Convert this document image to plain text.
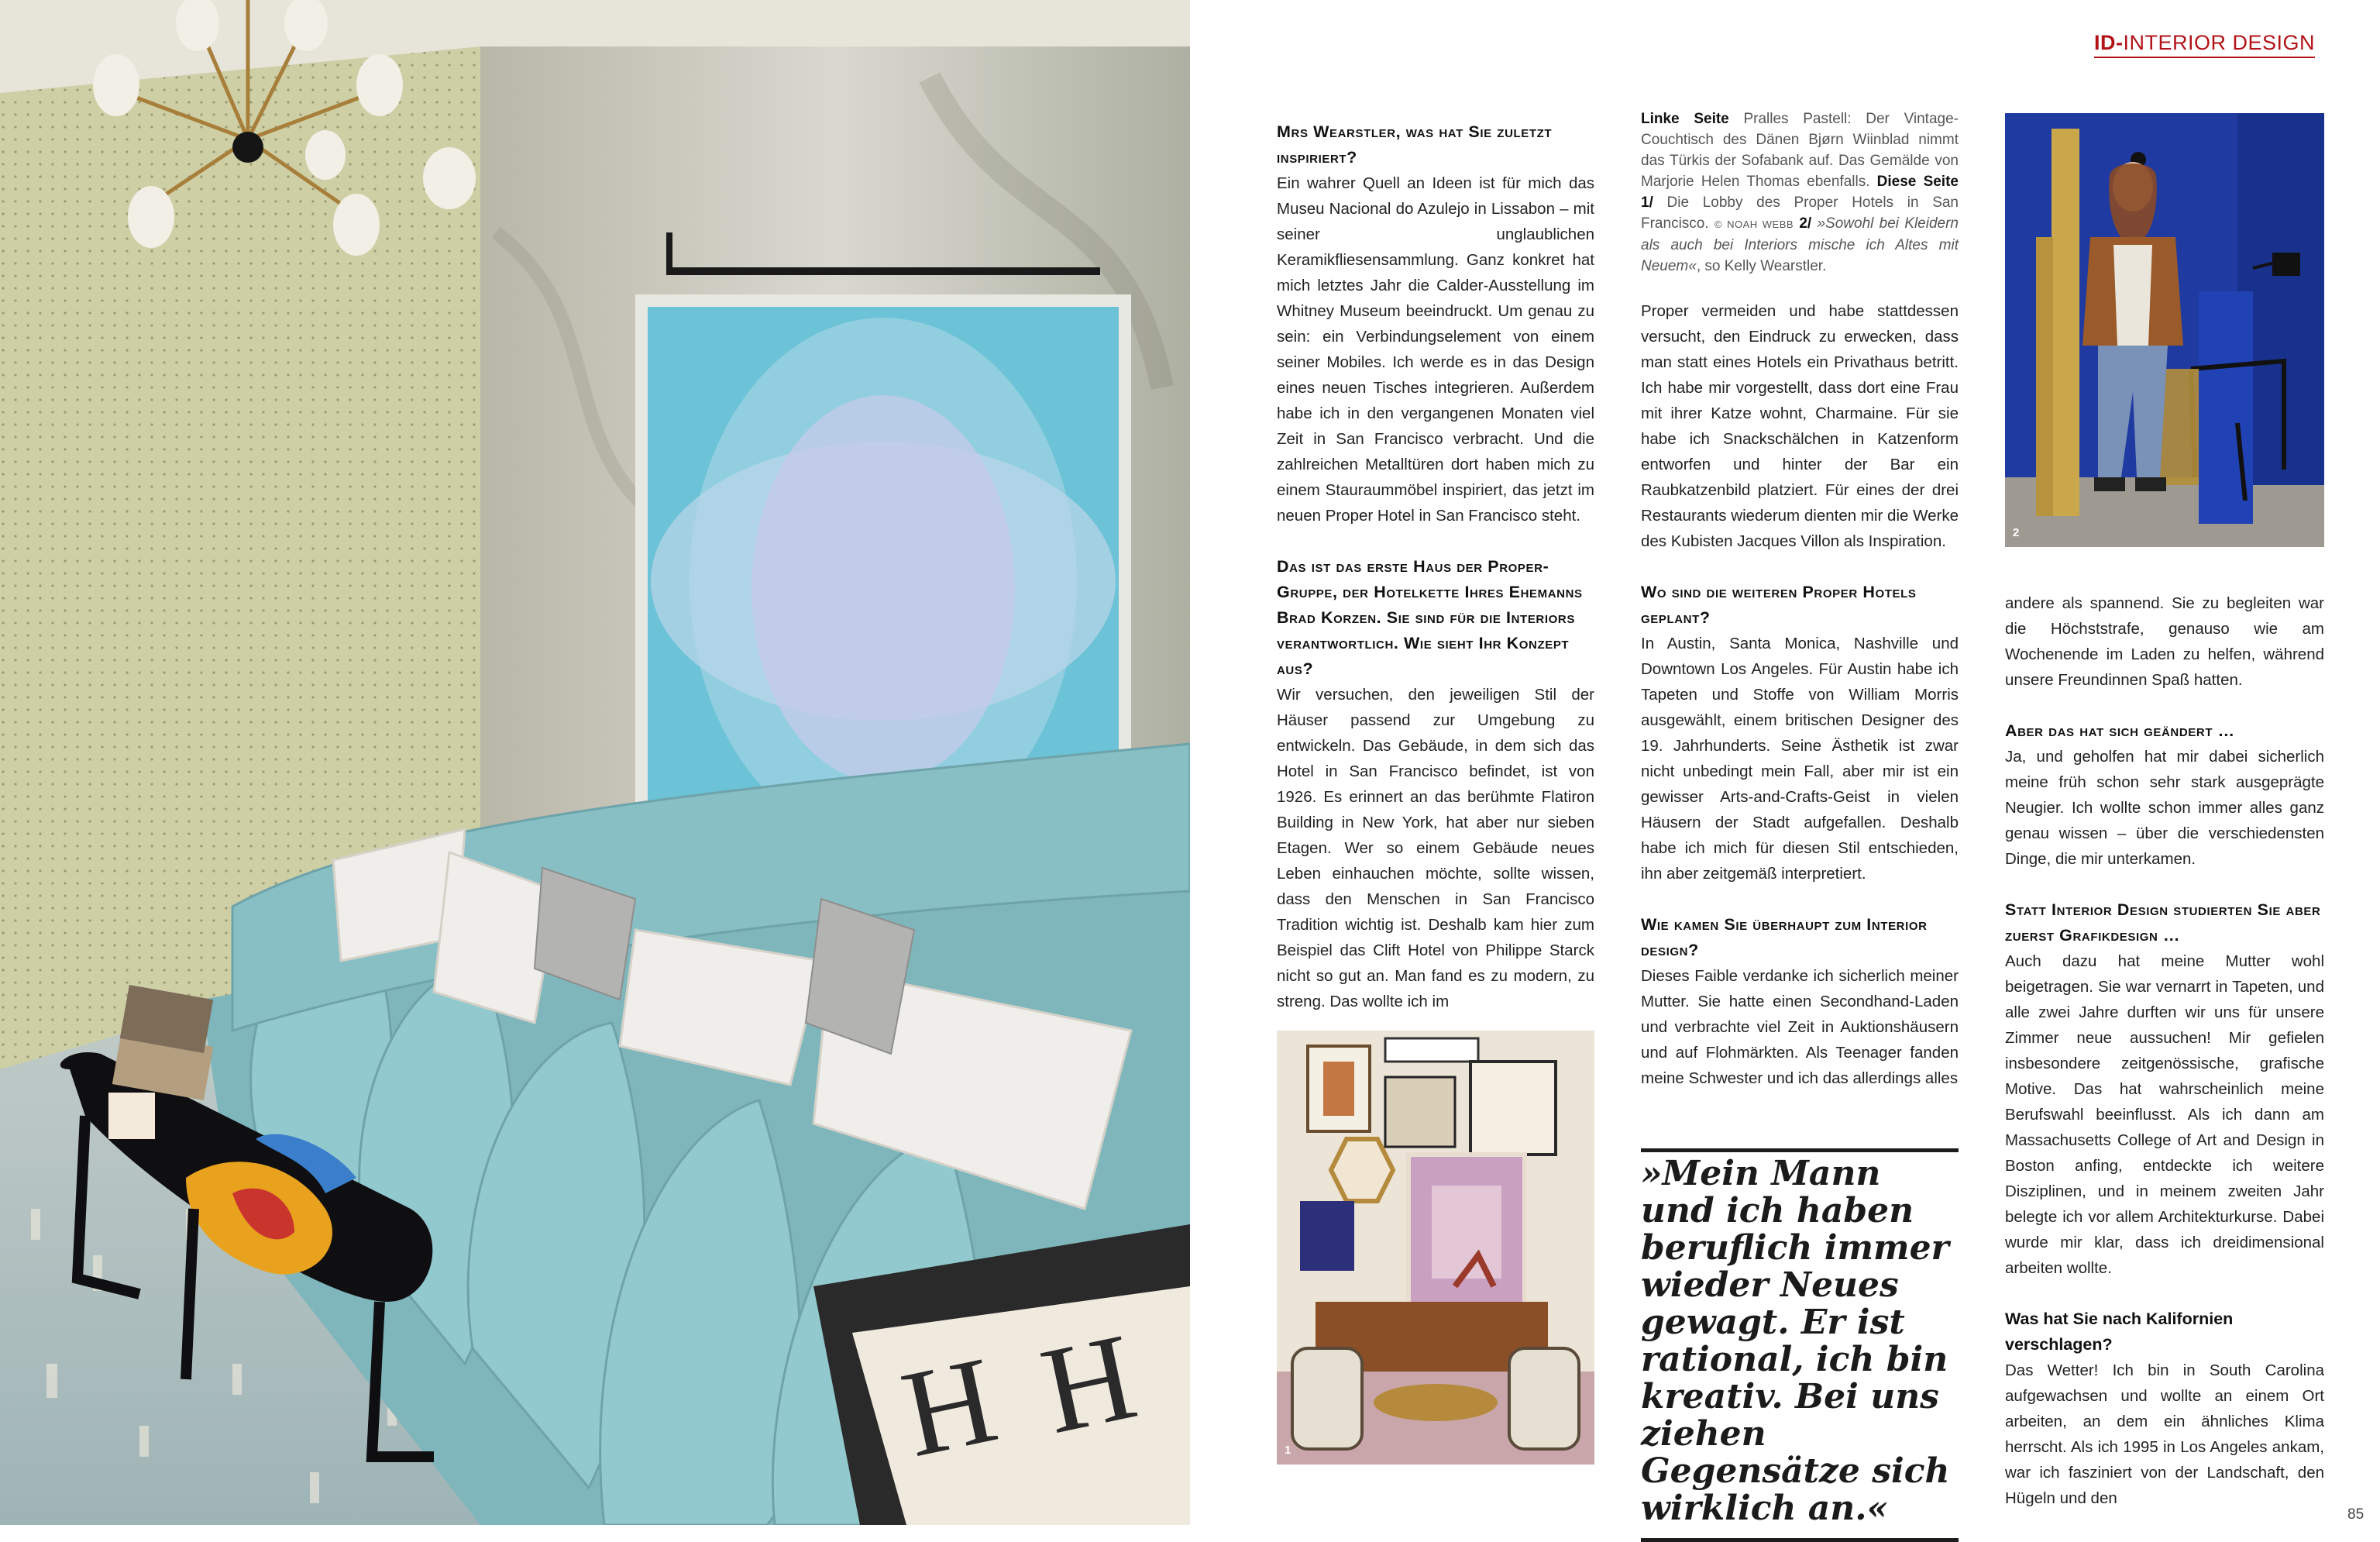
H H
ID-INTERIOR DESIGN

Mrs Wearstler, was hat Sie zuletzt inspiriert?

Ein wahrer Quell an Ideen ist für mich das Museu Nacional do Azulejo in Lissabon – mit seiner unglaublichen Keramikfliesensammlung. Ganz konkret hat mich letztes Jahr die Calder-Ausstellung im Whitney Museum beeindruckt. Um genau zu sein: ein Verbindungselement von einem seiner Mobiles. Ich werde es in das Design eines neuen Tisches integrieren. Außerdem habe ich in den vergangenen Monaten viel Zeit in San Francisco verbracht. Und die zahlreichen Metalltüren dort haben mich zu einem Stauraummöbel inspiriert, das jetzt im neuen Proper Hotel in San Francisco steht.

Das ist das erste Haus der Proper-Gruppe, der Hotelkette Ihres Ehemanns Brad Korzen. Sie sind für die Interiors verantwortlich. Wie sieht Ihr Konzept aus?

Wir versuchen, den jeweiligen Stil der Häuser passend zur Umgebung zu entwickeln. Das Gebäude, in dem sich das Hotel in San Francisco befindet, ist von 1926. Es erinnert an das berühmte Flatiron Building in New York, hat aber nur sieben Etagen. Wer so einem Gebäude neues Leben einhauchen möchte, sollte wissen, dass den Menschen in San Francisco Tradition wichtig ist. Deshalb kam hier zum Beispiel das Clift Hotel von Philippe Starck nicht so gut an. Man fand es zu modern, zu streng. Das wollte ich im

1
Linke Seite Pralles Pastell: Der Vintage-Couchtisch des Dänen Bjørn Wiinblad nimmt das Türkis der Sofabank auf. Das Gemälde von Marjorie Helen Thomas ebenfalls. Diese Seite 1/ Die Lobby des Proper Hotels in San Francisco. © NOAH WEBB 2/ »Sowohl bei Kleidern als auch bei Interiors mische ich Altes mit Neuem«, so Kelly Wearstler.

Proper vermeiden und habe stattdessen versucht, den Eindruck zu erwecken, dass man statt eines Hotels ein Privathaus betritt. Ich habe mir vorgestellt, dass dort eine Frau mit ihrer Katze wohnt, Charmaine. Für sie habe ich Snackschälchen in Katzenform entworfen und hinter der Bar ein Raubkatzenbild platziert. Für eines der drei Restaurants wiederum dienten mir die Werke des Kubisten Jacques Villon als Inspiration.

Wo sind die weiteren Proper Hotels geplant?

In Austin, Santa Monica, Nashville und Downtown Los Angeles. Für Austin habe ich Tapeten und Stoffe von William Morris ausgewählt, einem britischen Designer des 19. Jahrhunderts. Seine Ästhetik ist zwar nicht unbedingt mein Fall, aber mir ist ein gewisser Arts-and-Crafts-Geist in vielen Häusern der Stadt aufgefallen. Deshalb habe ich mich für diesen Stil entschieden, ihn aber zeitgemäß interpretiert.

Wie kamen Sie überhaupt zum Interior design?

Dieses Faible verdanke ich sicherlich meiner Mutter. Sie hatte einen Secondhand-Laden und verbrachte viel Zeit in Auktionshäusern und auf Flohmärkten. Als Teenager fanden meine Schwester und ich das allerdings alles

»Mein Mann und ich haben beruflich immer wieder Neues gewagt. Er ist rational, ich bin kreativ. Bei uns ziehen Gegensätze sich wirklich an.«
2

andere als spannend. Sie zu begleiten war die Höchststrafe, genauso wie am Wochenende im Laden zu helfen, während unsere Freundinnen Spaß hatten.

Aber das hat sich geändert …

Ja, und geholfen hat mir dabei sicherlich meine früh schon sehr stark ausgeprägte Neugier. Ich wollte schon immer alles ganz genau wissen – über die verschiedensten Dinge, die mir unterkamen.

Statt Interior Design studierten Sie aber zuerst Grafikdesign …

Auch dazu hat meine Mutter wohl beigetragen. Sie war vernarrt in Tapeten, und alle zwei Jahre durften wir uns für unsere Zimmer neue aussuchen! Mir gefielen insbesondere zeitgenössische, grafische Motive. Das hat wahrscheinlich meine Berufswahl beeinflusst. Als ich dann am Massachusetts College of Art and Design in Boston anfing, entdeckte ich weitere Disziplinen, und in meinem zweiten Jahr belegte ich vor allem Architekturkurse. Dabei wurde mir klar, dass ich dreidimensional arbeiten wollte.

Was hat Sie nach Kalifornien verschlagen?

Das Wetter! Ich bin in South Carolina aufgewachsen und wollte an einem Ort arbeiten, an dem ein ähnliches Klima herrscht. Als ich 1995 in Los Angeles ankam, war ich fasziniert von der Landschaft, den Hügeln und den

85
